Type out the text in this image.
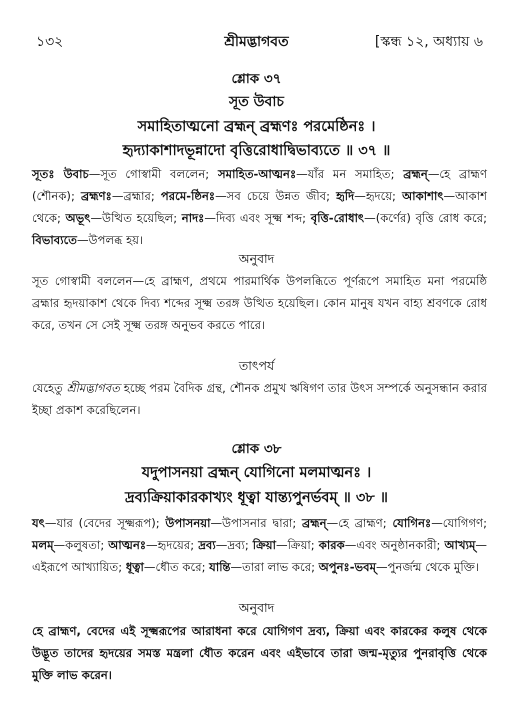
১৩২	শ্রীমদ্ভাগবত	[স্কন্ধ ১২, অধ্যায় ৬
শ্লোক ৩৭
সূত উবাচ
সমাহিতাত্মনো ব্রহ্মন্ ব্রহ্মণঃ পরমেষ্ঠিনঃ ।
হৃদ্যাকাশাদভূন্নাদো বৃত্তিরোধাদ্বিভাব্যতে ॥ ৩৭ ॥
সূতঃ উবাচ—সূত গোস্বামী বললেন; সমাহিত-আত্মনঃ—যাঁর মন সমাহিত; ব্রহ্মন্—হে ব্রাহ্মণ (শৌনক); ব্রহ্মণঃ—ব্রহ্মার; পরমে-ষ্ঠিনঃ—সব চেয়ে উন্নত জীব; হৃদি—হৃদয়ে; আকাশাৎ—আকাশ থেকে; অভূৎ—উত্থিত হয়েছিল; নাদঃ—দিব্য এবং সূক্ষ্ম শব্দ; বৃত্তি-রোধাৎ—(কর্ণের) বৃত্তি রোধ করে; বিভাব্যতে—উপলব্ধ হয়।
অনুবাদ
সূত গোস্বামী বললেন—হে ব্রাহ্মণ, প্রথমে পারমার্থিক উপলব্ধিতে পূর্ণরূপে সমাহিত মনা পরমেষ্ঠি ব্রহ্মার হৃদয়াকাশ থেকে দিব্য শব্দের সূক্ষ্ম তরঙ্গ উত্থিত হয়েছিল। কোন মানুষ যখন বাহ্য শ্রবণকে রোধ করে, তখন সে সেই সূক্ষ্ম তরঙ্গ অনুভব করতে পারে।
তাৎপর্য
যেহেতু শ্রীমদ্ভাগবত হচ্ছে পরম বৈদিক গ্রন্থ, শৌনক প্রমুখ ঋষিগণ তার উৎস সম্পর্কে অনুসন্ধান করার ইচ্ছা প্রকাশ করেছিলেন।
শ্লোক ৩৮
যদুপাসনয়া ব্রহ্মন্ যোগিনো মলমাত্মনঃ ।
দ্রব্যক্রিয়াকারকাখ্যং ধূত্বা যান্ত্যপুনর্ভবম্ ॥ ৩৮ ॥
যৎ—যার (বেদের সূক্ষ্মরূপ); উপাসনয়া—উপাসনার দ্বারা; ব্রহ্মন্—হে ব্রাহ্মণ; যোগিনঃ—যোগিগণ; মলম্—কলুষতা; আত্মনঃ—হৃদয়ের; দ্রব্য—দ্রব্য; ক্রিয়া—ক্রিয়া; কারক—এবং অনুষ্ঠানকারী; আখ্যম্—এইরূপে আখ্যায়িত; ধূত্বা—ধৌত করে; যান্তি—তারা লাভ করে; অপুনঃ-ভবম্—পুনর্জন্ম থেকে মুক্তি।
অনুবাদ
হে ব্রাহ্মণ, বেদের এই সূক্ষ্মরূপের আরাধনা করে যোগিগণ দ্রব্য, ক্রিয়া এবং কারকের কলুষ থেকে উদ্ভূত তাদের হৃদয়ের সমস্ত মন্ত্রলা ধৌত করেন এবং এইভাবে তারা জন্ম-মৃত্যুর পুনরাবৃত্তি থেকে মুক্তি লাভ করেন।
